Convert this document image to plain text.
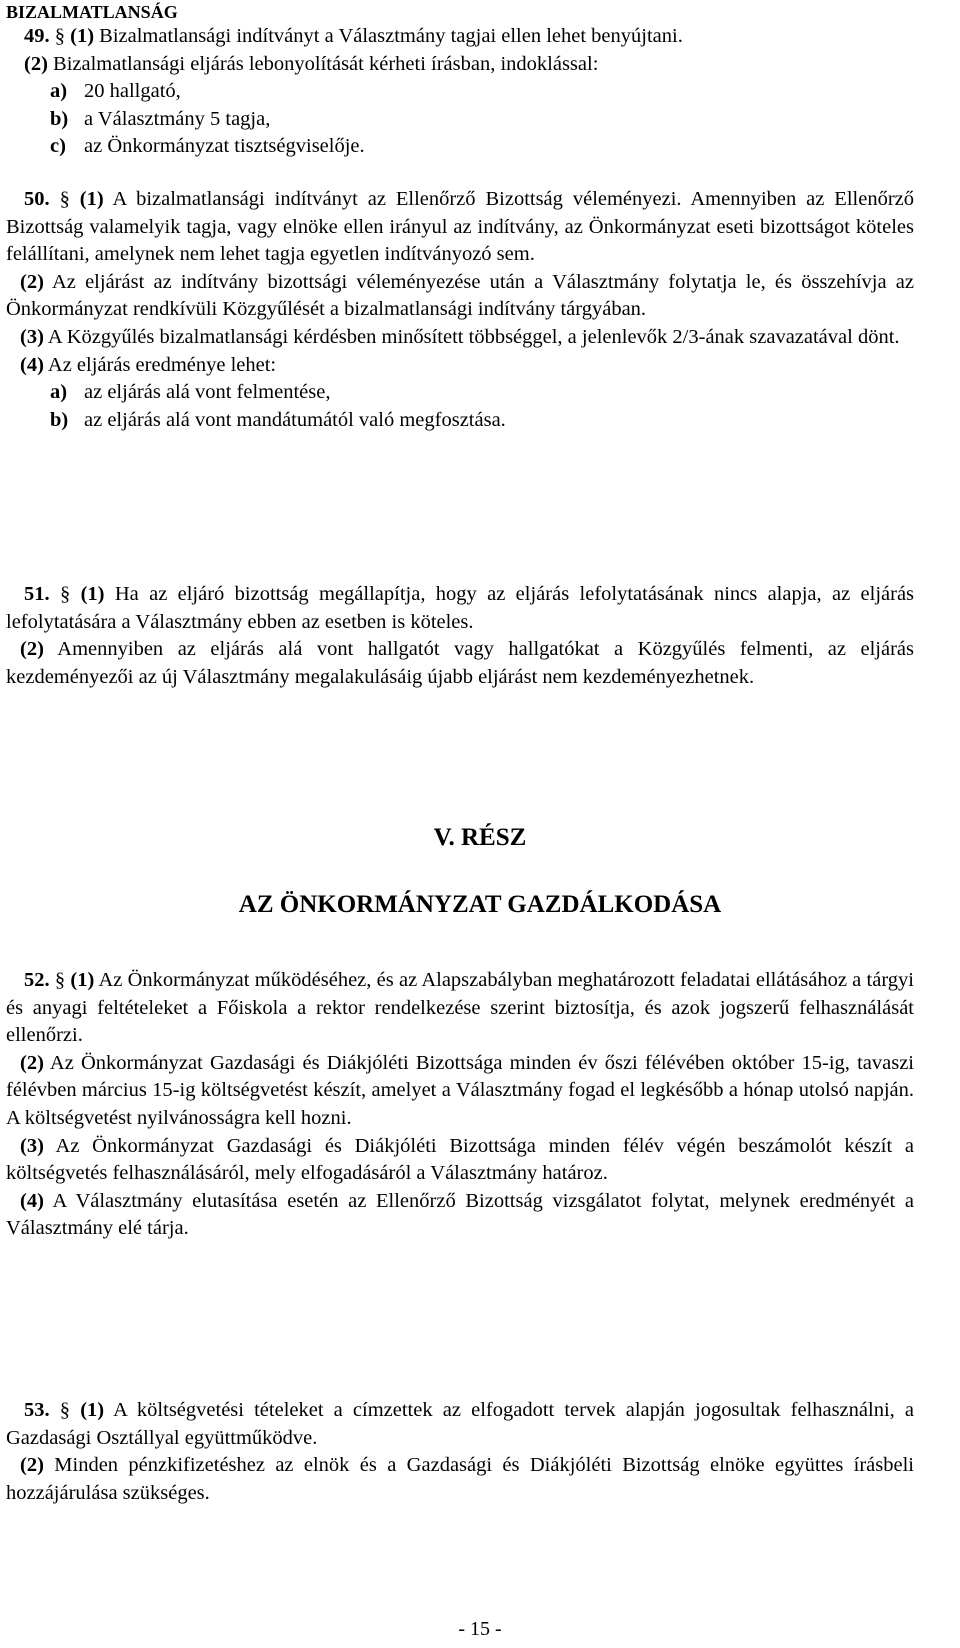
BIZALMATLANSÁG

49. § (1) Bizalmatlansági indítványt a Választmány tagjai ellen lehet benyújtani.

(2) Bizalmatlansági eljárás lebonyolítását kérheti írásban, indoklással:

a) 20 hallgató,
b) a Választmány 5 tagja,
c) az Önkormányzat tisztségviselője.

50. § (1) A bizalmatlansági indítványt az Ellenőrző Bizottság véleményezi. Amennyiben az Ellenőrző Bizottság valamelyik tagja, vagy elnöke ellen irányul az indítvány, az Önkormányzat eseti bizottságot köteles felállítani, amelynek nem lehet tagja egyetlen indítványozó sem.

(2) Az eljárást az indítvány bizottsági véleményezése után a Választmány folytatja le, és összehívja az Önkormányzat rendkívüli Közgyűlését a bizalmatlansági indítvány tárgyában.

(3) A Közgyűlés bizalmatlansági kérdésben minősített többséggel, a jelenlevők 2/3-ának szavazatával dönt.

(4) Az eljárás eredménye lehet:

a) az eljárás alá vont felmentése,
b) az eljárás alá vont mandátumától való megfosztása.

51. § (1) Ha az eljáró bizottság megállapítja, hogy az eljárás lefolytatásának nincs alapja, az eljárás lefolytatására a Választmány ebben az esetben is köteles.

(2) Amennyiben az eljárás alá vont hallgatót vagy hallgatókat a Közgyűlés felmenti, az eljárás kezdeményezői az új Választmány megalakulásáig újabb eljárást nem kezdeményezhetnek.

V. RÉSZ
AZ ÖNKORMÁNYZAT GAZDÁLKODÁSA

52. § (1) Az Önkormányzat működéséhez, és az Alapszabályban meghatározott feladatai ellátásához a tárgyi és anyagi feltételeket a Főiskola a rektor rendelkezése szerint biztosítja, és azok jogszerű felhasználását ellenőrzi.

(2) Az Önkormányzat Gazdasági és Diákjóléti Bizottsága minden év őszi félévében október 15-ig, tavaszi félévben március 15-ig költségvetést készít, amelyet a Választmány fogad el legkésőbb a hónap utolsó napján. A költségvetést nyilvánosságra kell hozni.

(3) Az Önkormányzat Gazdasági és Diákjóléti Bizottsága minden félév végén beszámolót készít a költségvetés felhasználásáról, mely elfogadásáról a Választmány határoz.

(4) A Választmány elutasítása esetén az Ellenőrző Bizottság vizsgálatot folytat, melynek eredményét a Választmány elé tárja.

53. § (1) A költségvetési tételeket a címzettek az elfogadott tervek alapján jogosultak felhasználni, a Gazdasági Osztállyal együttműködve.

(2) Minden pénzkifizetéshez az elnök és a Gazdasági és Diákjóléti Bizottság elnöke együttes írásbeli hozzájárulása szükséges.

- 15 -
